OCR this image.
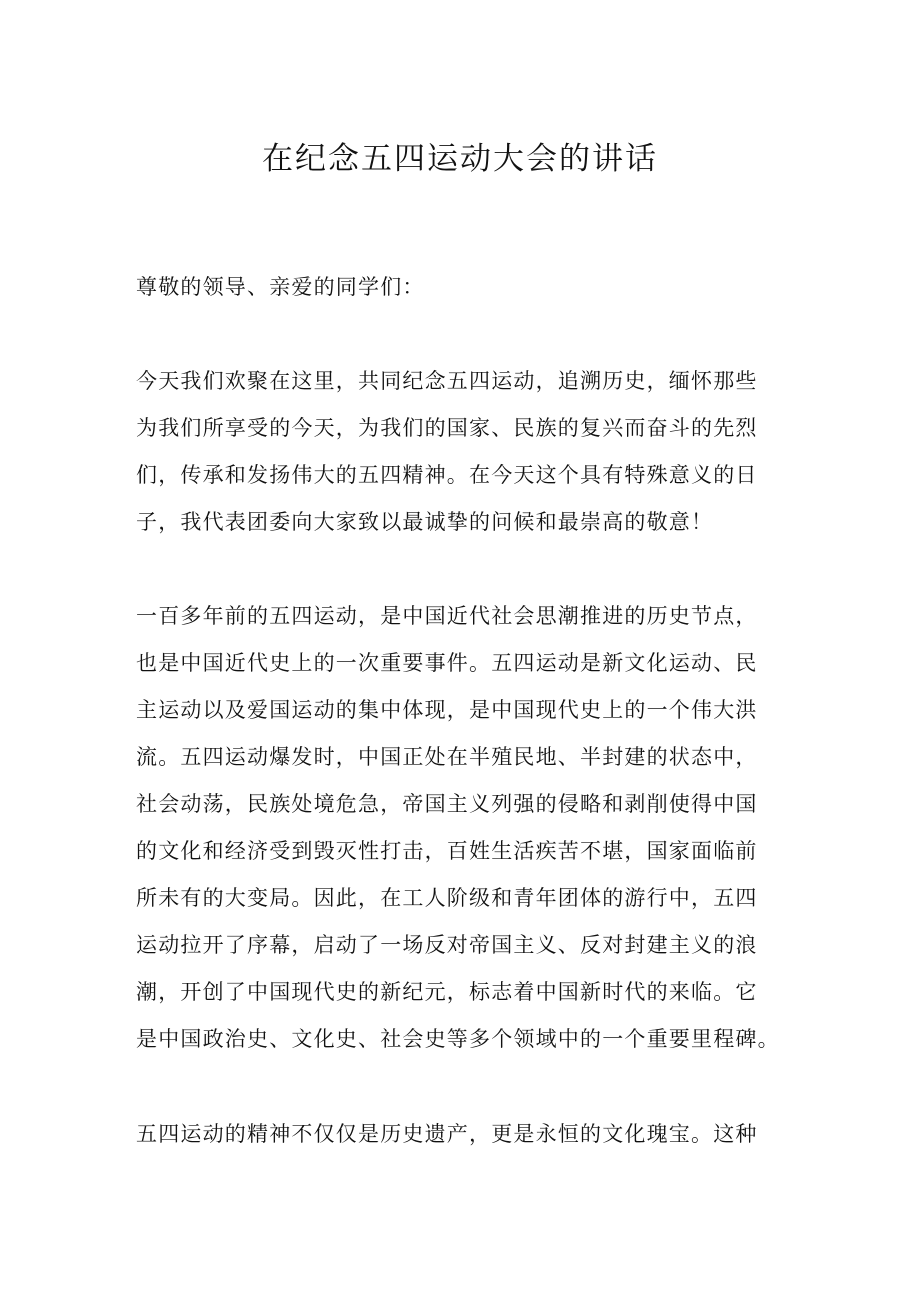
在纪念五四运动大会的讲话
尊敬的领导、亲爱的同学们：
今天我们欢聚在这里，共同纪念五四运动，追溯历史，缅怀那些
为我们所享受的今天，为我们的国家、民族的复兴而奋斗的先烈
们，传承和发扬伟大的五四精神。在今天这个具有特殊意义的日
子，我代表团委向大家致以最诚挚的问候和最崇高的敬意！
一百多年前的五四运动，是中国近代社会思潮推进的历史节点，
也是中国近代史上的一次重要事件。五四运动是新文化运动、民
主运动以及爱国运动的集中体现，是中国现代史上的一个伟大洪
流。五四运动爆发时，中国正处在半殖民地、半封建的状态中，
社会动荡，民族处境危急，帝国主义列强的侵略和剥削使得中国
的文化和经济受到毁灭性打击，百姓生活疾苦不堪，国家面临前
所未有的大变局。因此，在工人阶级和青年团体的游行中，五四
运动拉开了序幕，启动了一场反对帝国主义、反对封建主义的浪
潮，开创了中国现代史的新纪元，标志着中国新时代的来临。它
是中国政治史、文化史、社会史等多个领域中的一个重要里程碑。
五四运动的精神不仅仅是历史遗产，更是永恒的文化瑰宝。这种
